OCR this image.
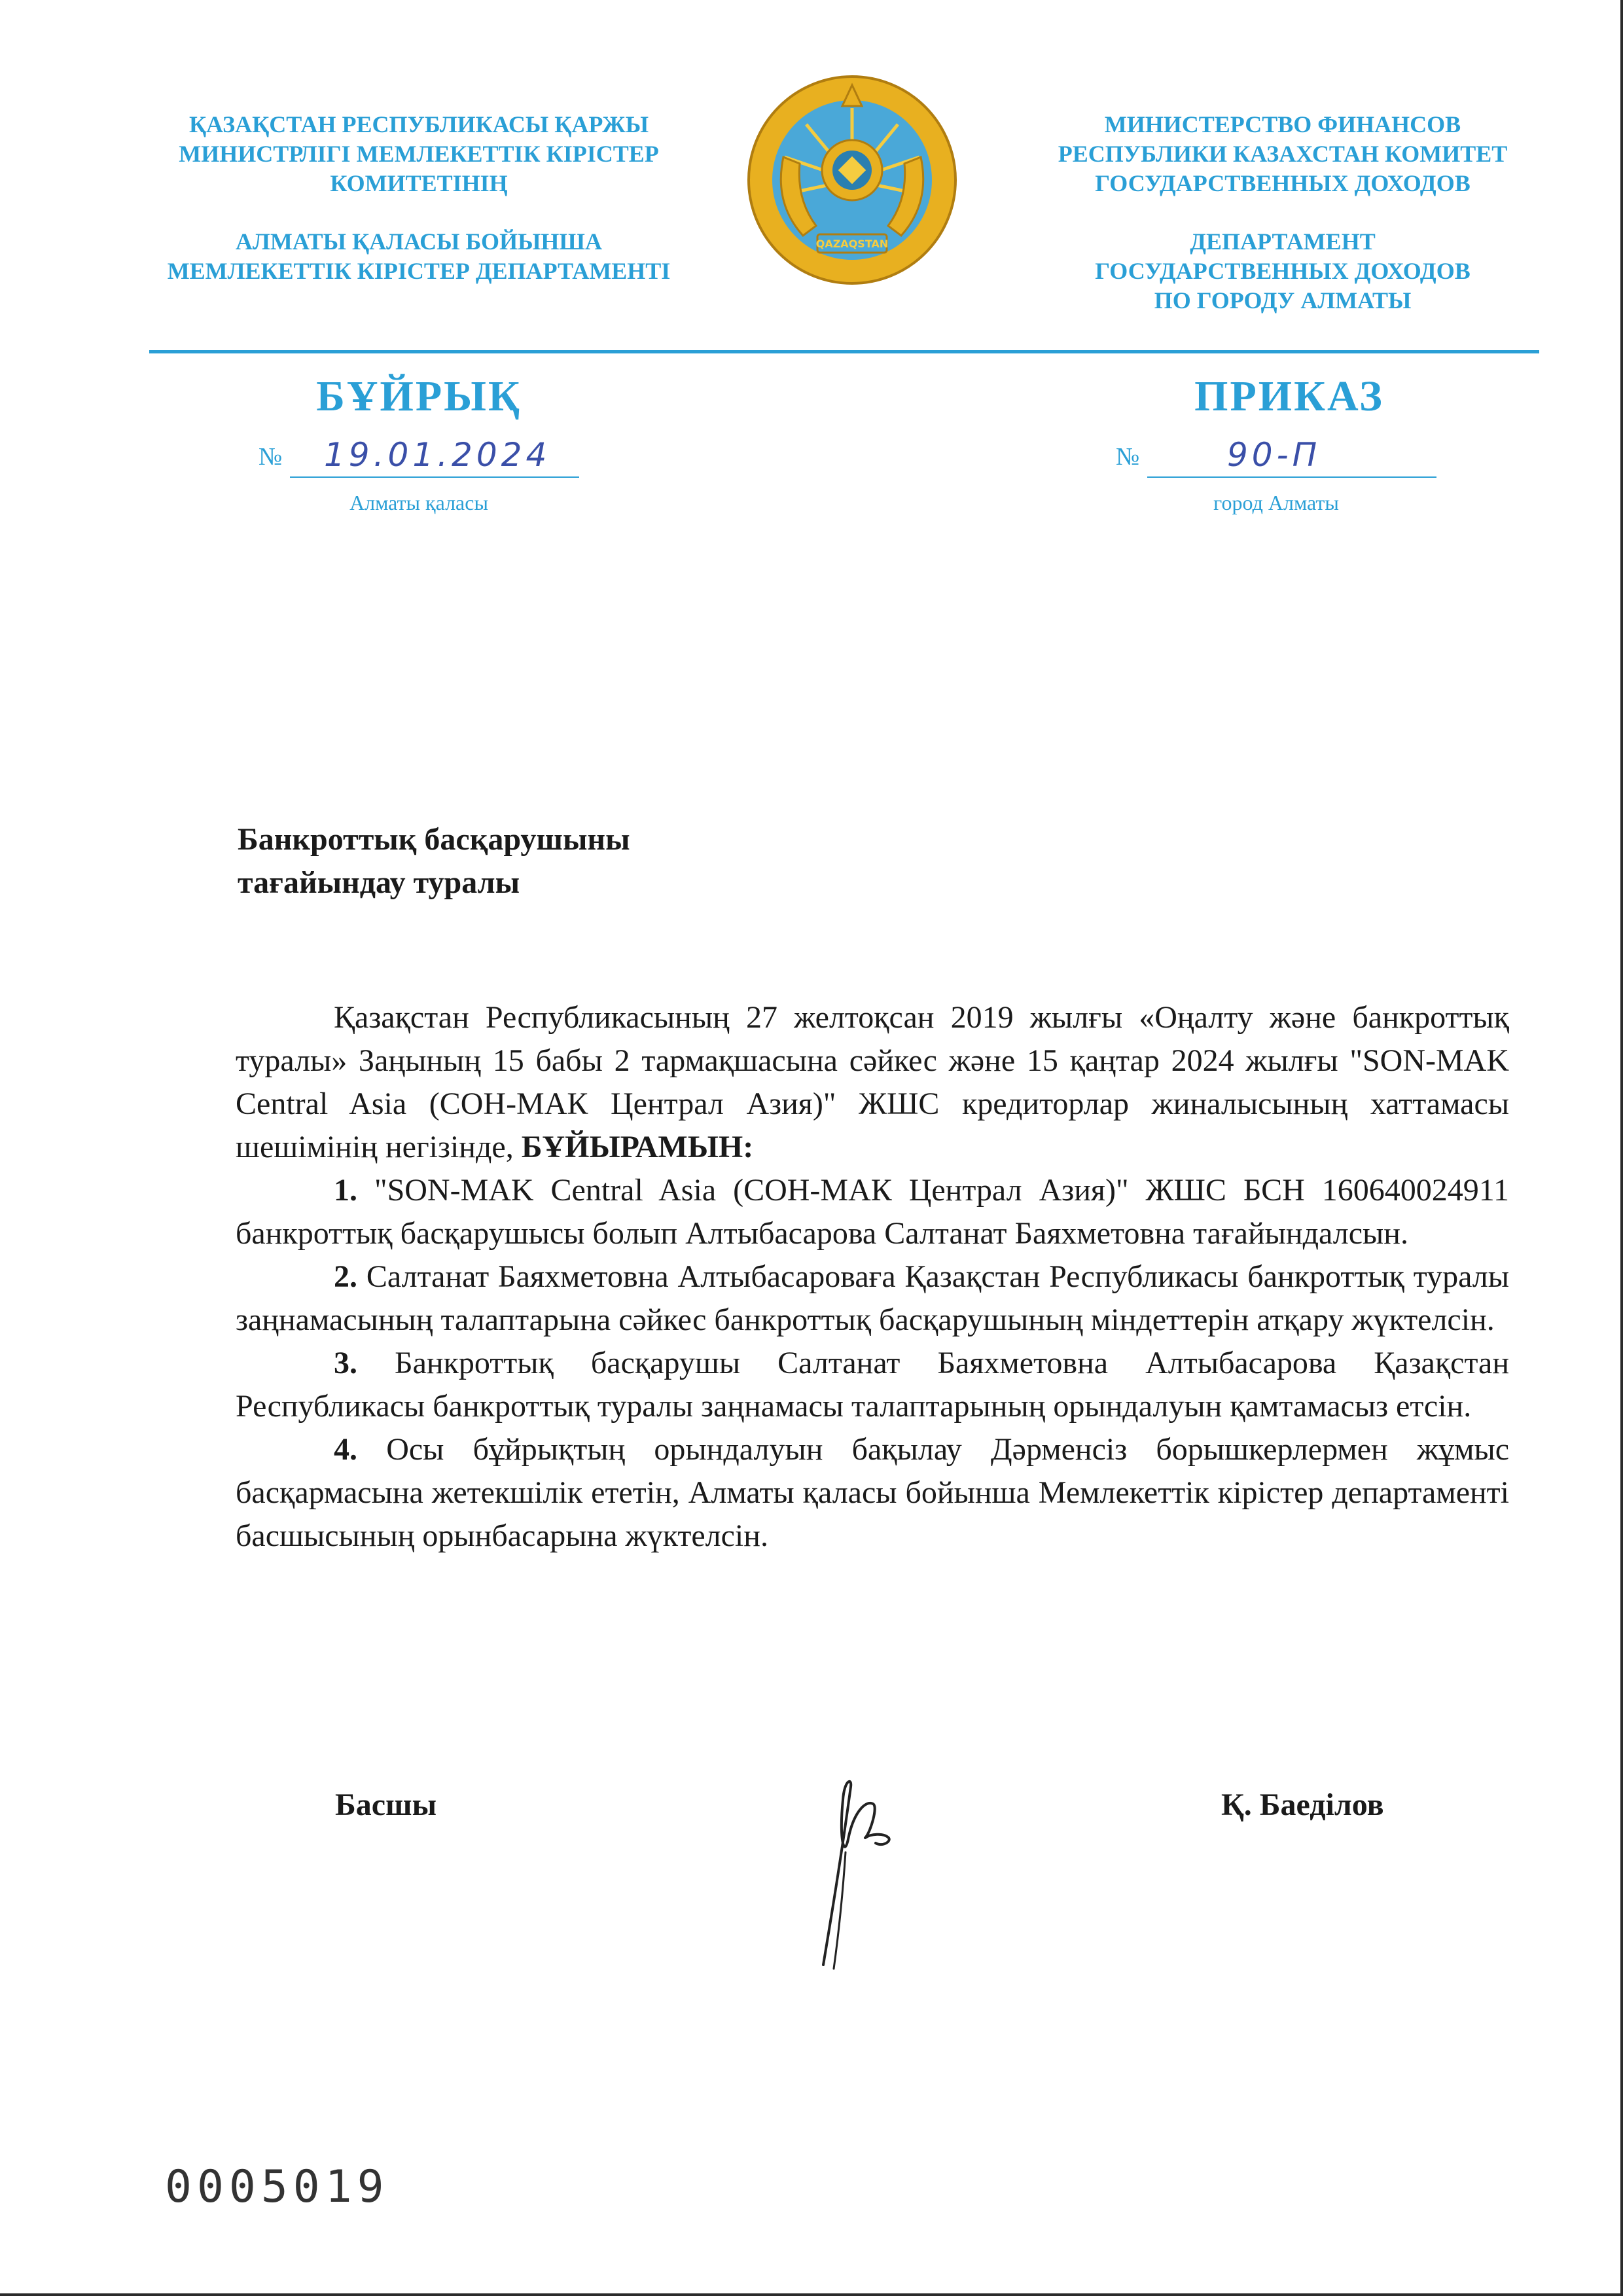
ҚАЗАҚСТАН РЕСПУБЛИКАСЫ ҚАРЖЫ
МИНИСТРЛІГІ МЕМЛЕКЕТТІК КІРІСТЕР
КОМИТЕТІНІҢ
АЛМАТЫ ҚАЛАСЫ БОЙЫНША
МЕМЛЕКЕТТІК КІРІСТЕР ДЕПАРТАМЕНТІ
QAZAQSTAN
МИНИСТЕРСТВО ФИНАНСОВ
РЕСПУБЛИКИ КАЗАХСТАН КОМИТЕТ
ГОСУДАРСТВЕННЫХ ДОХОДОВ
ДЕПАРТАМЕНТ
ГОСУДАРСТВЕННЫХ ДОХОДОВ
ПО ГОРОДУ АЛМАТЫ
БҰЙРЫҚ	ПРИКАЗ
№ 19.01.2024	№	90-П
Алматы қаласы	город Алматы
Банкроттық басқарушыны
тағайындау туралы

Қазақстан Республикасының 27 желтоқсан 2019 жылғы «Оңалту және банкроттық туралы» Заңының 15 бабы 2 тармақшасына сәйкес және 15 қаңтар 2024 жылғы "SON-MAK Central Asia (СОН-МАК Централ Азия)" ЖШС кредиторлар жиналысының хаттамасы шешімінің негізінде, БҰЙЫРАМЫН:

1. "SON-MAK Central Asia (СОН-МАК Централ Азия)" ЖШС БСН 160640024911 банкроттық басқарушысы болып Алтыбасарова Салтанат Баяхметовна тағайындалсын.

2. Салтанат Баяхметовна Алтыбасароваға Қазақстан Республикасы банкроттық туралы заңнамасының талаптарына сәйкес банкроттық басқарушының міндеттерін атқару жүктелсін.

3. Банкроттық басқарушы Салтанат Баяхметовна Алтыбасарова Қазақстан Республикасы банкроттық туралы заңнамасы талаптарының орындалуын қамтамасыз етсін.

4. Осы бұйрықтың орындалуын бақылау Дәрменсіз борышкерлермен жұмыс басқармасына жетекшілік ететін, Алматы қаласы бойынша Мемлекеттік кірістер департаменті басшысының орынбасарына жүктелсін.

Басшы	Қ. Баеділов
0005019
